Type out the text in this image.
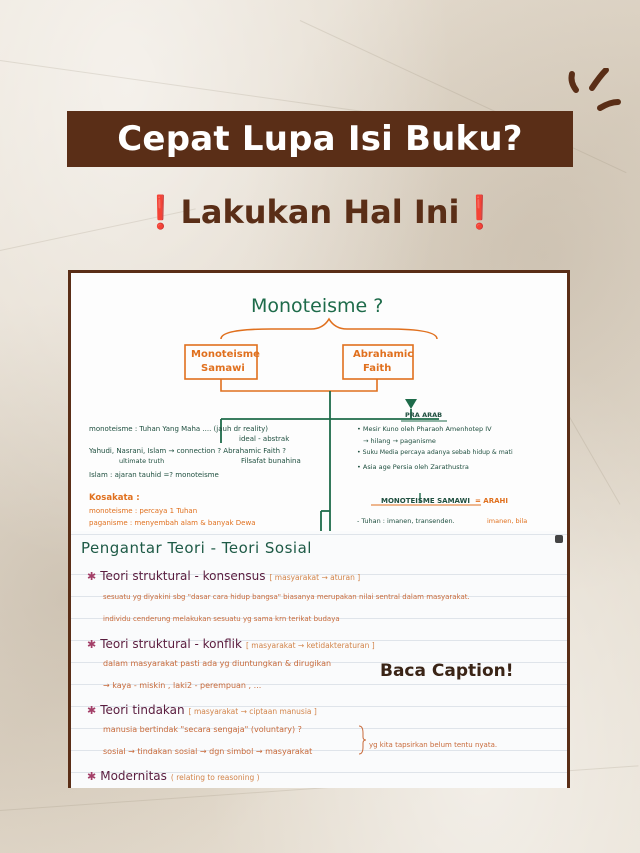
Cepat Lupa Isi Buku?
❗Lakukan Hal Ini❗
Monoteisme ?
Monoteisme
Samawi
Abrahamic
Faith
monoteisme : Tuhan Yang Maha .... (jauh dr reality)
ideal - abstrak
Yahudi, Nasrani, Islam → connection ? Abrahamic Faith ?
ultimate truth	Filsafat bunahina
Islam : ajaran tauhid =? monoteisme
Kosakata :
monoteisme : percaya 1 Tuhan
paganisme : menyembah alam & banyak Dewa
PRA ARAB
• Mesir Kuno oleh Pharaoh Amenhotep IV
→ hilang → paganisme
• Suku Media percaya adanya sebab hidup & mati
• Asia age Persia oleh Zarathustra
MONOTEISME SAMAWI = ARAHI
- Tuhan : imanen, transenden.	imanen, bila
Pengantar Teori - Teori Sosial
✱ Teori struktural - konsensus [ masyarakat → aturan ]
sesuatu yg diyakini sbg "dasar cara hidup bangsa" biasanya merupakan nilai sentral dalam masyarakat.
individu cenderung melakukan sesuatu yg sama krn terikat budaya
✱ Teori struktural - konflik [ masyarakat → ketidakteraturan ]
dalam masyarakat pasti ada yg diuntungkan & dirugikan
→ kaya - miskin , laki2 - perempuan , ...
✱ Teori tindakan [ masyarakat → ciptaan manusia ]
manusia bertindak "secara sengaja" (voluntary) ?
sosial → tindakan sosial → dgn simbol → masyarakat
yg kita tapsirkan belum tentu nyata.
✱ Modernitas ( relating to reasoning )
Baca Caption!
